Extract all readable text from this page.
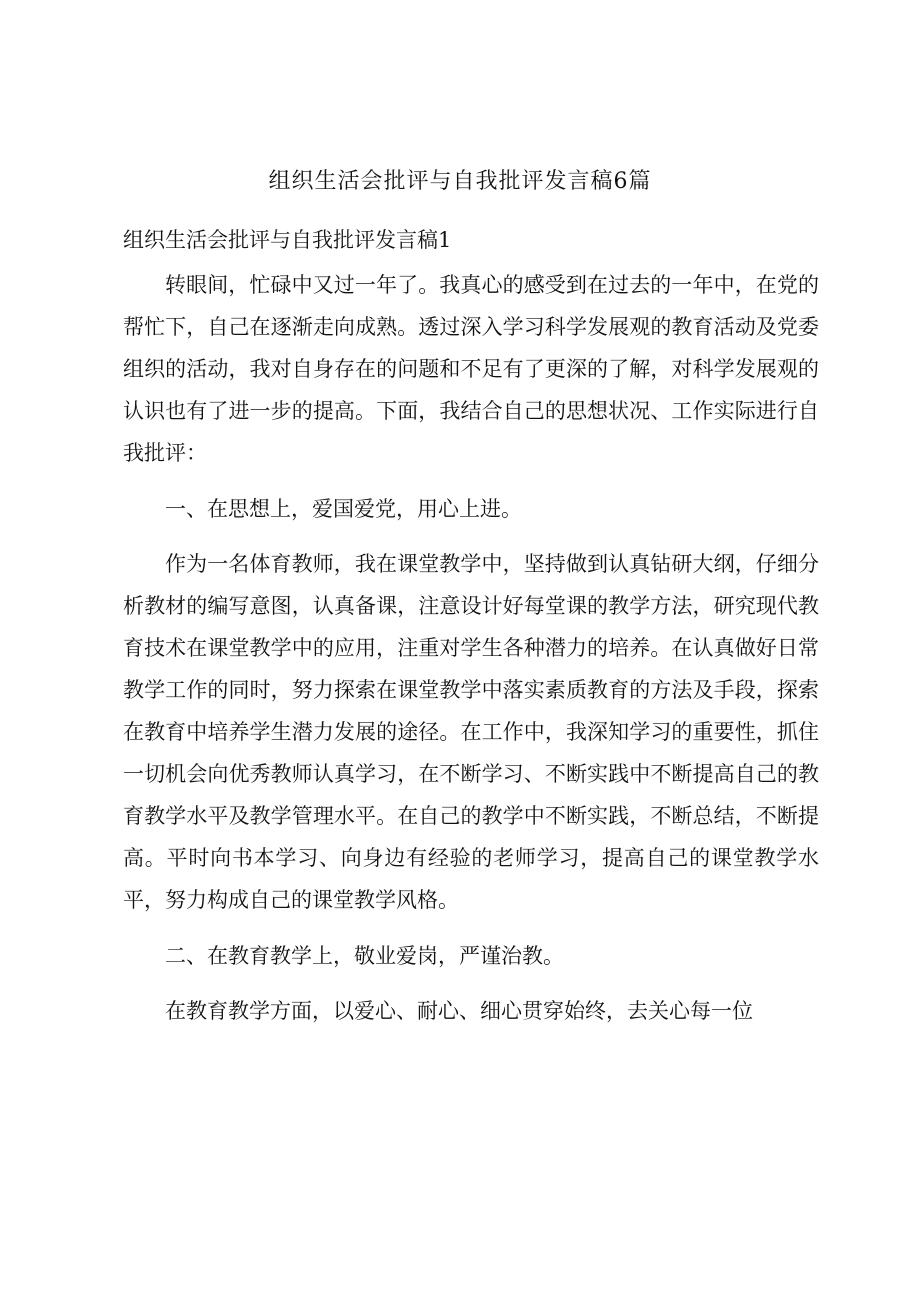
组织生活会批评与自我批评发言稿6篇
组织生活会批评与自我批评发言稿1

转眼间，忙碌中又过一年了。我真心的感受到在过去的一年中，在党的帮忙下，自己在逐渐走向成熟。透过深入学习科学发展观的教育活动及党委组织的活动，我对自身存在的问题和不足有了更深的了解，对科学发展观的认识也有了进一步的提高。下面，我结合自己的思想状况、工作实际进行自我批评：

一、在思想上，爱国爱党，用心上进。

作为一名体育教师，我在课堂教学中，坚持做到认真钻研大纲，仔细分析教材的编写意图，认真备课，注意设计好每堂课的教学方法，研究现代教育技术在课堂教学中的应用，注重对学生各种潜力的培养。在认真做好日常教学工作的同时，努力探索在课堂教学中落实素质教育的方法及手段，探索在教育中培养学生潜力发展的途径。在工作中，我深知学习的重要性，抓住一切机会向优秀教师认真学习，在不断学习、不断实践中不断提高自己的教育教学水平及教学管理水平。在自己的教学中不断实践，不断总结，不断提高。平时向书本学习、向身边有经验的老师学习，提高自己的课堂教学水平，努力构成自己的课堂教学风格。

二、在教育教学上，敬业爱岗，严谨治教。

在教育教学方面，以爱心、耐心、细心贯穿始终，去关心每一位
